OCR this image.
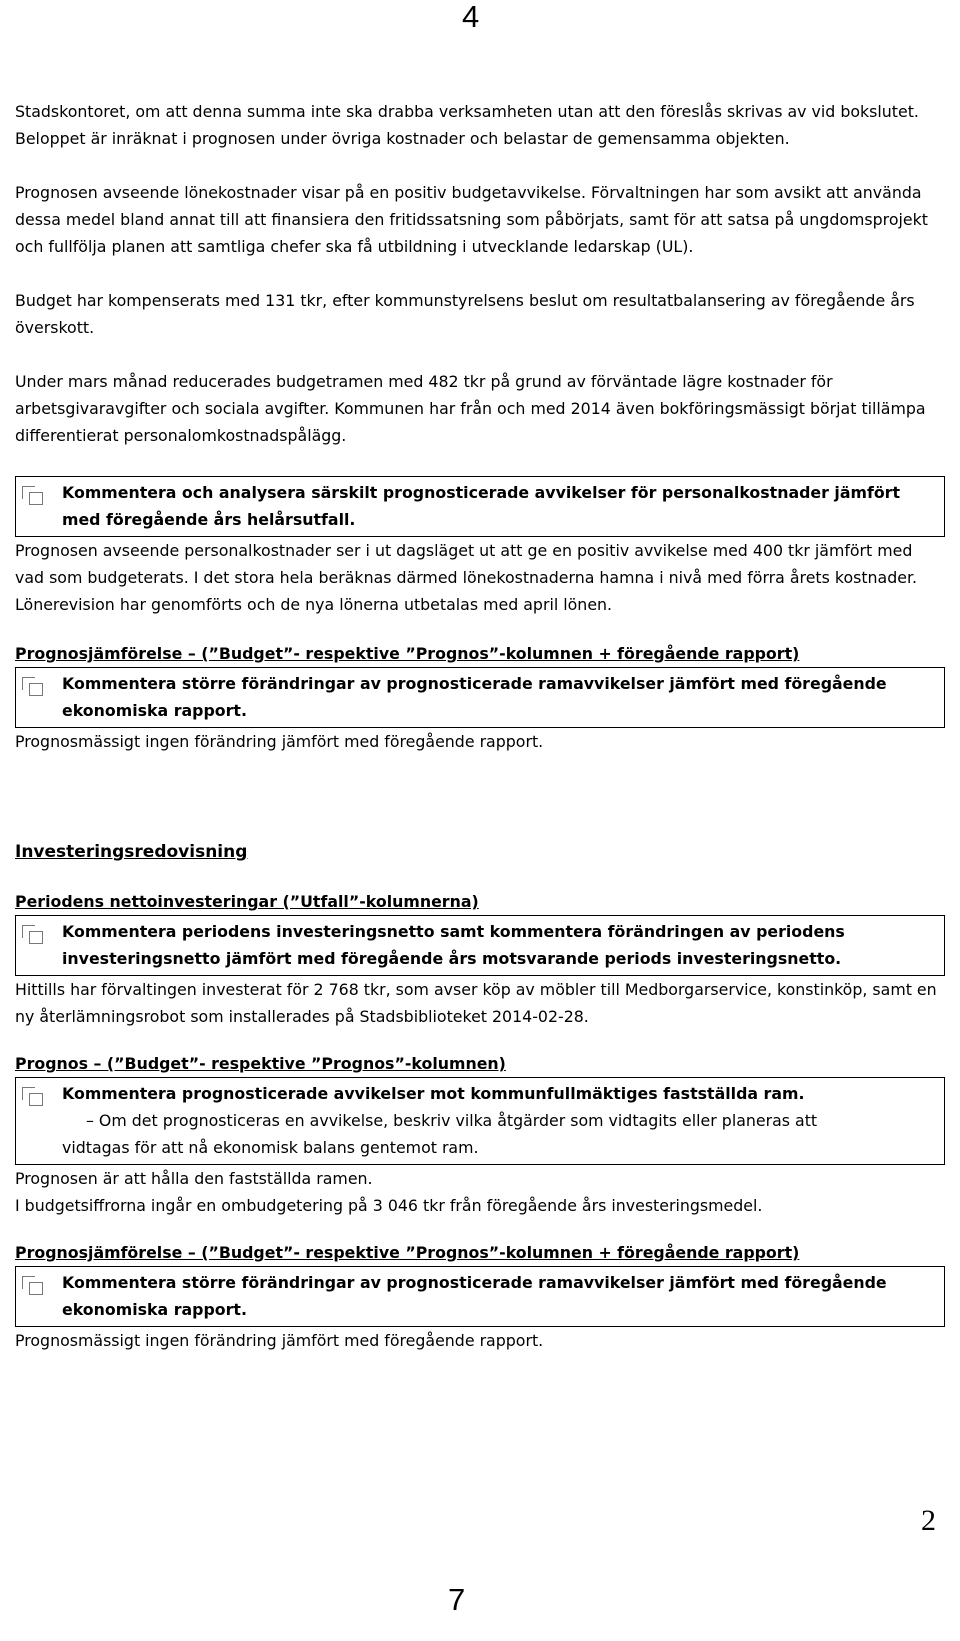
4

Stadskontoret, om att denna summa inte ska drabba verksamheten utan att den föreslås skrivas av vid bokslutet. Beloppet är inräknat i prognosen under övriga kostnader och belastar de gemensamma objekten.

Prognosen avseende lönekostnader visar på en positiv budgetavvikelse. Förvaltningen har som avsikt att använda dessa medel bland annat till att finansiera den fritidssatsning som påbörjats, samt för att satsa på ungdomsprojekt och fullfölja planen att samtliga chefer ska få utbildning i utvecklande ledarskap (UL).

Budget har kompenserats med 131 tkr, efter kommunstyrelsens beslut om resultatbalansering av föregående års överskott.

Under mars månad reducerades budgetramen med 482 tkr på grund av förväntade lägre kostnader för arbetsgivaravgifter och sociala avgifter. Kommunen har från och med 2014 även bokföringsmässigt börjat tillämpa differentierat personalomkostnadspålägg.

Kommentera och analysera särskilt prognosticerade avvikelser för personalkostnader jämfört med föregående års helårsutfall.

Prognosen avseende personalkostnader ser i ut dagsläget ut att ge en positiv avvikelse med 400 tkr jämfört med vad som budgeterats. I det stora hela beräknas därmed lönekostnaderna hamna i nivå med förra årets kostnader. Lönerevision har genomförts och de nya lönerna utbetalas med april lönen.

Prognosjämförelse – (”Budget”- respektive ”Prognos”-kolumnen + föregående rapport)

Kommentera större förändringar av prognosticerade ramavvikelser jämfört med föregående ekonomiska rapport.

Prognosmässigt ingen förändring jämfört med föregående rapport.

Investeringsredovisning

Periodens nettoinvesteringar (”Utfall”-kolumnerna)

Kommentera periodens investeringsnetto samt kommentera förändringen av periodens investeringsnetto jämfört med föregående års motsvarande periods investeringsnetto.

Hittills har förvaltingen investerat för 2 768 tkr, som avser köp av möbler till Medborgarservice, konstinköp, samt en ny återlämningsrobot som installerades på Stadsbiblioteket 2014-02-28.

Prognos – (”Budget”- respektive ”Prognos”-kolumnen)

Kommentera prognosticerade avvikelser mot kommunfullmäktiges fastställda ram.
– Om det prognosticeras en avvikelse, beskriv vilka åtgärder som vidtagits eller planeras att
vidtagas för att nå ekonomisk balans gentemot ram.

Prognosen är att hålla den fastställda ramen.

I budgetsiffrorna ingår en ombudgetering på 3 046 tkr från föregående års investeringsmedel.

Prognosjämförelse – (”Budget”- respektive ”Prognos”-kolumnen + föregående rapport)

Kommentera större förändringar av prognosticerade ramavvikelser jämfört med föregående ekonomiska rapport.

Prognosmässigt ingen förändring jämfört med föregående rapport.

2
7
